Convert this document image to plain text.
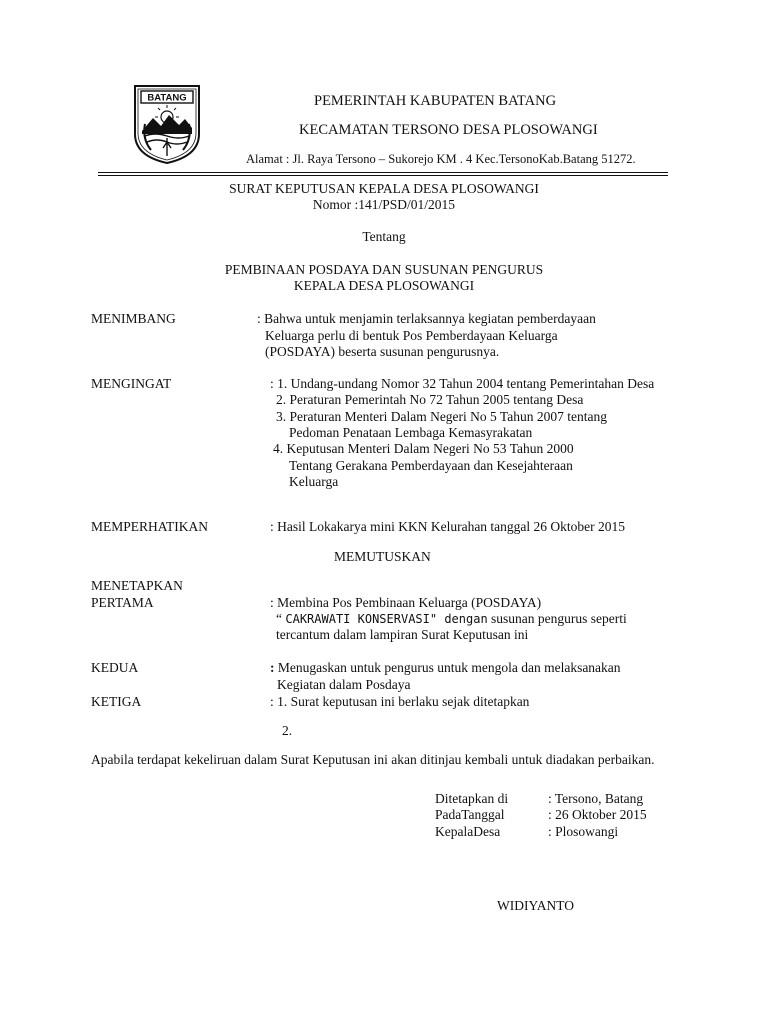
BATANG	PEMERINTAH KABUPATEN BATANG
KECAMATAN TERSONO DESA PLOSOWANGI
Alamat : Jl. Raya Tersono – Sukorejo KM . 4 Kec.TersonoKab.Batang 51272.
SURAT KEPUTUSAN KEPALA DESA PLOSOWANGI
Nomor :141/PSD/01/2015
Tentang
PEMBINAAN POSDAYA DAN SUSUNAN PENGURUS
KEPALA DESA PLOSOWANGI
MENIMBANG	: Bahwa untuk menjamin terlaksannya kegiatan pemberdayaan
Keluarga perlu di bentuk Pos Pemberdayaan Keluarga
(POSDAYA) beserta susunan pengurusnya.
MENGINGAT	: 1. Undang-undang Nomor 32 Tahun 2004 tentang Pemerintahan Desa
2. Peraturan Pemerintah No 72 Tahun 2005 tentang Desa
3. Peraturan Menteri Dalam Negeri No 5 Tahun 2007 tentang
Pedoman Penataan Lembaga Kemasyrakatan
4. Keputusan Menteri Dalam Negeri No 53 Tahun 2000
Tentang Gerakana Pemberdayaan dan Kesejahteraan
Keluarga
MEMPERHATIKAN	: Hasil Lokakarya mini KKN Kelurahan tanggal 26 Oktober 2015
MEMUTUSKAN
MENETAPKAN
PERTAMA	: Membina Pos Pembinaan Keluarga (POSDAYA)
“ CAKRAWATI KONSERVASI" dengan susunan pengurus seperti
tercantum dalam lampiran Surat Keputusan ini
KEDUA	: Menugaskan untuk pengurus untuk mengola dan melaksanakan
Kegiatan dalam Posdaya
KETIGA	: 1. Surat keputusan ini berlaku sejak ditetapkan
2.
Apabila terdapat kekeliruan dalam Surat Keputusan ini akan ditinjau kembali untuk diadakan perbaikan.
Ditetapkan di	: Tersono, Batang
PadaTanggal	: 26 Oktober 2015
KepalaDesa	: Plosowangi
WIDIYANTO
